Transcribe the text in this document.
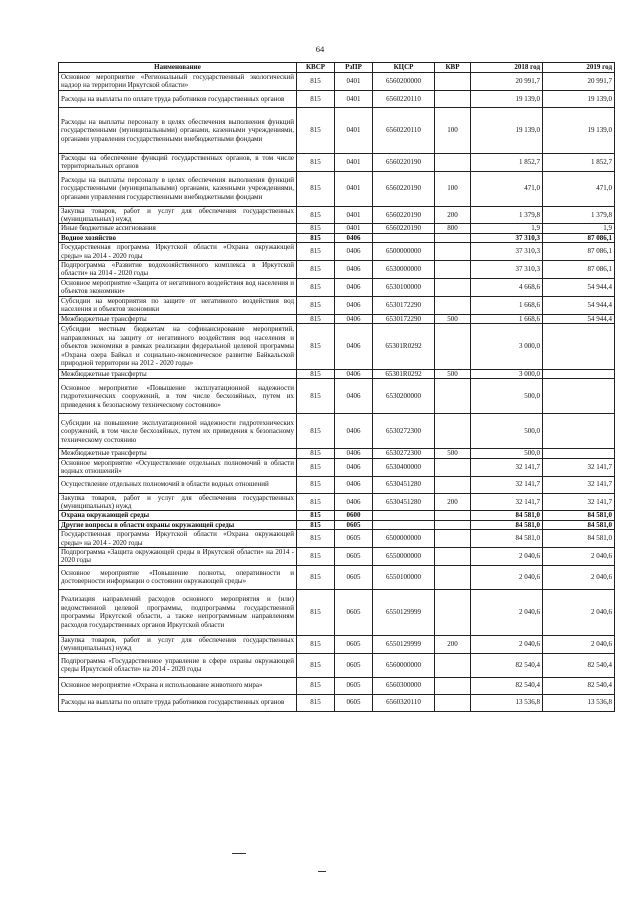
64
Наименование	КВСР	РзПР	КЦСР	КВР	2018 год	2019 год
Основное мероприятие «Региональный государственный экологический надзор на территории Иркутской области»	815	0401	6560200000		20 991,7	20 991,7
Расходы на выплаты по оплате труда работников государственных органов	815	0401	6560220110		19 139,0	19 139,0
Расходы на выплаты персоналу в целях обеспечения выполнения функций государственными (муниципальными) органами, казенными учреждениями, органами управления государственными внебюджетными фондами	815	0401	6560220110	100	19 139,0	19 139,0
Расходы на обеспечение функций государственных органов, в том числе территориальных органов	815	0401	6560220190		1 852,7	1 852,7
Расходы на выплаты персоналу в целях обеспечения выполнения функций государственными (муниципальными) органами, казенными учреждениями, органами управления государственными внебюджетными фондами	815	0401	6560220190	100	471,0	471,0
Закупка товаров, работ и услуг для обеспечения государственных (муниципальных) нужд	815	0401	6560220190	200	1 379,8	1 379,8
Иные бюджетные ассигнования	815	0401	6560220190	800	1,9	1,9
Водное хозяйство	815	0406			37 310,3	87 086,1
Государственная программа Иркутской области «Охрана окружающей среды» на 2014 - 2020 годы	815	0406	6500000000		37 310,3	87 086,1
Подпрограмма «Развитие водохозяйственного комплекса в Иркутской области» на 2014 - 2020 годы	815	0406	6530000000		37 310,3	87 086,1
Основное мероприятие «Защита от негативного воздействия вод населения и объектов экономики»	815	0406	6530100000		4 668,6	54 944,4
Субсидии на мероприятия по защите от негативного воздействия вод населения и объектов экономики	815	0406	6530172290		1 668,6	54 944,4
Межбюджетные трансферты	815	0406	6530172290	500	1 668,6	54 944,4
Субсидии местным бюджетам на софинансирование мероприятий, направленных на защиту от негативного воздействия вод населения и объектов экономики в рамках реализации федеральной целевой программы «Охрана озера Байкал и социально-экономическое развитие Байкальской природной территории на 2012 - 2020 годы»	815	0406	65301R0292		3 000,0	
Межбюджетные трансферты	815	0406	65301R0292	500	3 000,0	
Основное мероприятие «Повышение эксплуатационной надежности гидротехнических сооружений, в том числе бесхозяйных, путем их приведения к безопасному техническому состоянию»	815	0406	6530200000		500,0	
Субсидии на повышение эксплуатационной надежности гидротехнических сооружений, в том числе бесхозяйных, путем их приведения к безопасному техническому состоянию	815	0406	6530272300		500,0	
Межбюджетные трансферты	815	0406	6530272300	500	500,0	
Основное мероприятие «Осуществление отдельных полномочий в области водных отношений»	815	0406	6530400000		32 141,7	32 141,7
Осуществление отдельных полномочий в области водных отношений	815	0406	6530451280		32 141,7	32 141,7
Закупка товаров, работ и услуг для обеспечения государственных (муниципальных) нужд	815	0406	6530451280	200	32 141,7	32 141,7
Охрана окружающей среды	815	0600			84 581,0	84 581,0
Другие вопросы в области охраны окружающей среды	815	0605			84 581,0	84 581,0
Государственная программа Иркутской области «Охрана окружающей среды» на 2014 - 2020 годы	815	0605	6500000000		84 581,0	84 581,0
Подпрограмма «Защита окружающей среды в Иркутской области» на 2014 - 2020 годы	815	0605	6550000000		2 040,6	2 040,6
Основное мероприятие «Повышение полноты, оперативности и достоверности информации о состоянии окружающей среды»	815	0605	6550100000		2 040,6	2 040,6
Реализация направлений расходов основного мероприятия и (или) ведомственной целевой программы, подпрограммы государственной программы Иркутской области, а также непрограммным направлениям расходов государственных органов Иркутской области	815	0605	6550129999		2 040,6	2 040,6
Закупка товаров, работ и услуг для обеспечения государственных (муниципальных) нужд	815	0605	6550129999	200	2 040,6	2 040,6
Подпрограмма «Государственное управление в сфере охраны окружающей среды Иркутской области» на 2014 - 2020 годы	815	0605	6560000000		82 540,4	82 540,4
Основное мероприятие «Охрана и использование животного мира»	815	0605	6560300000		82 540,4	82 540,4
Расходы на выплаты по оплате труда работников государственных органов	815	0605	6560320110		13 536,8	13 536,8
